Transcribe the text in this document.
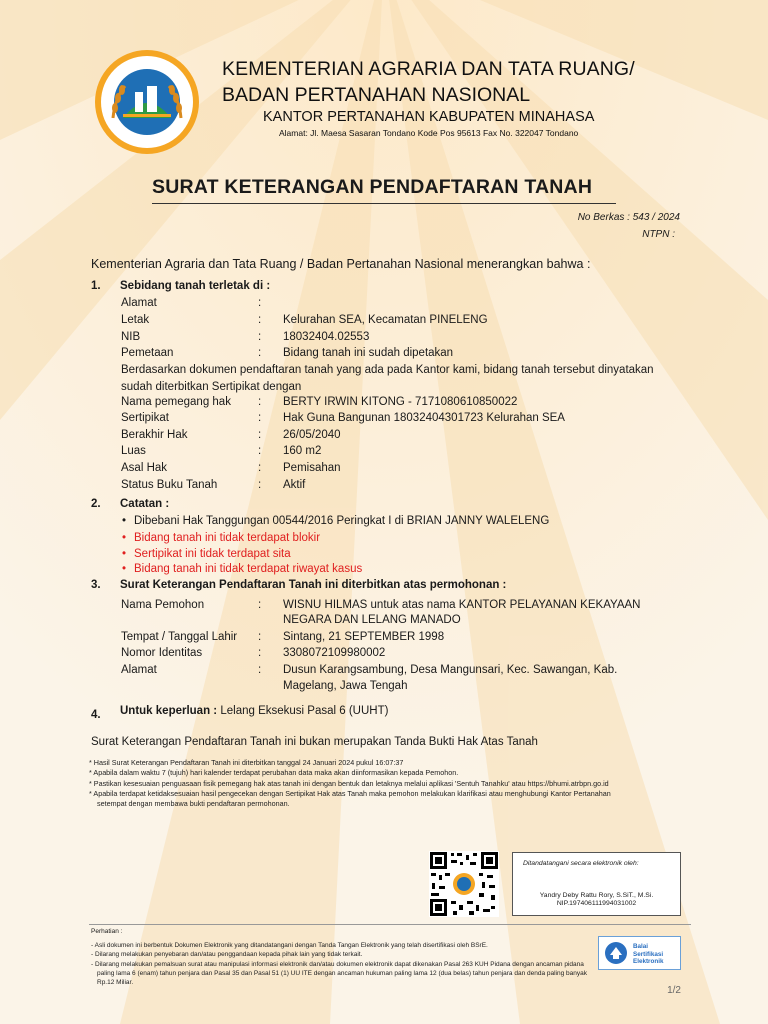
KEMENTERIAN AGRARIA DAN TATA RUANG/
BADAN PERTANAHAN NASIONAL
KANTOR PERTANAHAN KABUPATEN MINAHASA
Alamat: Jl. Maesa Sasaran Tondano Kode Pos 95613 Fax No. 322047 Tondano
SURAT KETERANGAN PENDAFTARAN TANAH
No Berkas : 543 / 2024
NTPN :
Kementerian Agraria dan Tata Ruang / Badan Pertanahan Nasional menerangkan bahwa :
1. Sebidang tanah terletak di :
Alamat	:
Letak	: Kelurahan SEA, Kecamatan PINELENG
NIB	: 18032404.02553
Pemetaan	: Bidang tanah ini sudah dipetakan
Berdasarkan dokumen pendaftaran tanah yang ada pada Kantor kami, bidang tanah tersebut dinyatakan sudah diterbitkan Sertipikat dengan
Nama pemegang hak : BERTY IRWIN KITONG - 7171080610850022
Sertipikat	: Hak Guna Bangunan 18032404301723 Kelurahan SEA
Berakhir Hak	: 26/05/2040
Luas	: 160 m2
Asal Hak	: Pemisahan
Status Buku Tanah	: Aktif
2. Catatan :
• Dibebani Hak Tanggungan 00544/2016 Peringkat I di BRIAN JANNY WALELENG
• Bidang tanah ini tidak terdapat blokir
• Sertipikat ini tidak terdapat sita
• Bidang tanah ini tidak terdapat riwayat kasus
3. Surat Keterangan Pendaftaran Tanah ini diterbitkan atas permohonan :
Nama Pemohon	: WISNU HILMAS untuk atas nama KANTOR PELAYANAN KEKAYAAN
NEGARA DAN LELANG MANADO
Tempat / Tanggal Lahir : Sintang, 21 SEPTEMBER 1998
Nomor Identitas	: 3308072109980002
Alamat	: Dusun Karangsambung, Desa Mangunsari, Kec. Sawangan, Kab.
Magelang, Jawa Tengah
4. Untuk keperluan : Lelang Eksekusi Pasal 6 (UUHT)
Surat Keterangan Pendaftaran Tanah ini bukan merupakan Tanda Bukti Hak Atas Tanah
* Hasil Surat Keterangan Pendaftaran Tanah ini diterbitkan tanggal 24 Januari 2024 pukul 16:07:37
* Apabila dalam waktu 7 (tujuh) hari kalender terdapat perubahan data maka akan diinformasikan kepada Pemohon.
* Pastikan kesesuaian penguasaan fisik pemegang hak atas tanah ini dengan bentuk dan letaknya melalui aplikasi 'Sentuh Tanahku' atau https://bhumi.atrbpn.go.id
* Apabila terdapat ketidaksesuaian hasil pengecekan dengan Sertipikat Hak atas Tanah maka pemohon melakukan klarifikasi atau menghubungi Kantor Pertanahan
setempat dengan membawa bukti pendaftaran permohonan.
Ditandatangani secara elektronik oleh:
Yandry Deby Rattu Rory, S.SiT., M.Si.
NIP.197406111994031002
Perhatian :
- Asli dokumen ini berbentuk Dokumen Elektronik yang ditandatangani dengan Tanda Tangan Elektronik yang telah disertifikasi oleh BSrE.
- Dilarang melakukan penyebaran dan/atau penggandaan kepada pihak lain yang tidak terkait.
- Dilarang melakukan pemalsuan surat atau manipulasi informasi elektronik dan/atau dokumen elektronik dapat dikenakan Pasal 263 KUH Pidana dengan ancaman pidana paling lama 6 (enam) tahun penjara dan Pasal 35 dan Pasal 51 (1) UU ITE dengan ancaman hukuman paling lama 12 (dua belas) tahun penjara dan denda paling banyak Rp.12 Miliar.
Balai
Sertifikasi
Elektronik
1/2
